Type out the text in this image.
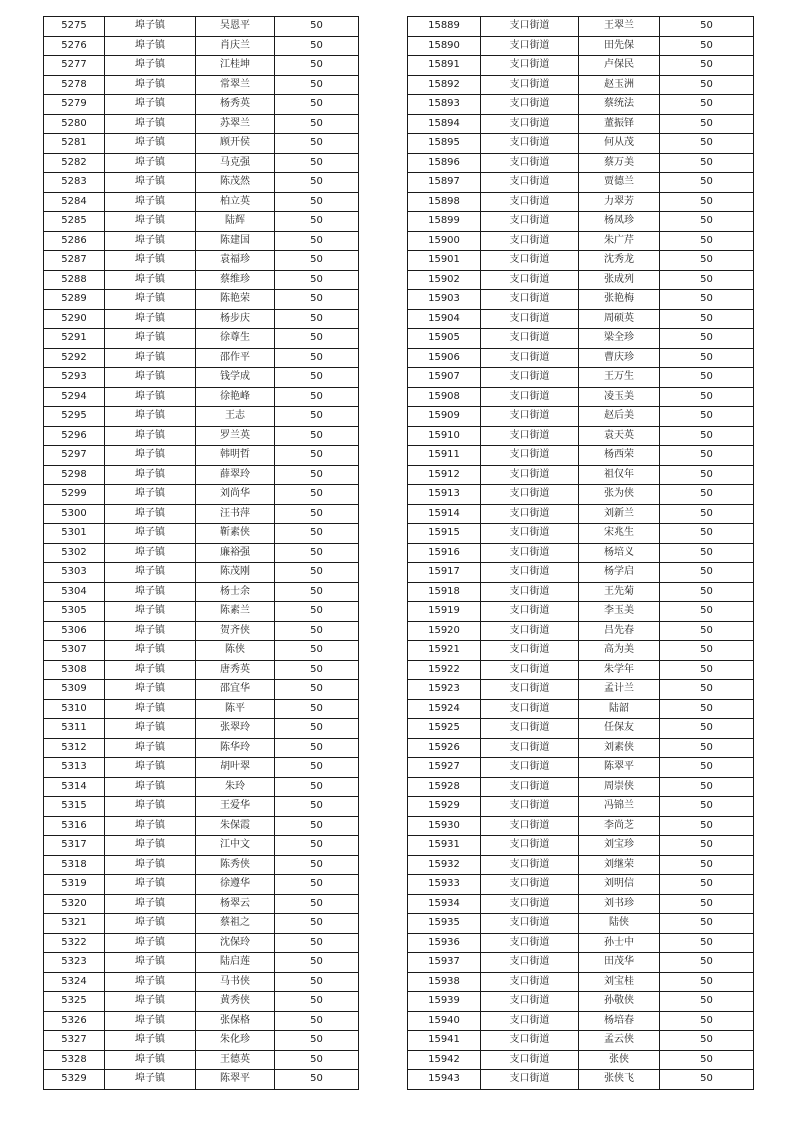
5275	埠子镇	吴恩平	50
5276	埠子镇	肖庆兰	50
5277	埠子镇	江桂坤	50
5278	埠子镇	常翠兰	50
5279	埠子镇	杨秀英	50
5280	埠子镇	苏翠兰	50
5281	埠子镇	顾开侯	50
5282	埠子镇	马克强	50
5283	埠子镇	陈茂然	50
5284	埠子镇	柏立英	50
5285	埠子镇	陆辉	50
5286	埠子镇	陈建国	50
5287	埠子镇	袁福珍	50
5288	埠子镇	蔡维珍	50
5289	埠子镇	陈艳荣	50
5290	埠子镇	杨步庆	50
5291	埠子镇	徐尊生	50
5292	埠子镇	邵作平	50
5293	埠子镇	钱学成	50
5294	埠子镇	徐艳峰	50
5295	埠子镇	王志	50
5296	埠子镇	罗兰英	50
5297	埠子镇	韩明哲	50
5298	埠子镇	薛翠玲	50
5299	埠子镇	刘尚华	50
5300	埠子镇	汪书萍	50
5301	埠子镇	靳素侠	50
5302	埠子镇	廉裕强	50
5303	埠子镇	陈茂刚	50
5304	埠子镇	杨士余	50
5305	埠子镇	陈素兰	50
5306	埠子镇	贺齐侠	50
5307	埠子镇	陈侠	50
5308	埠子镇	唐秀英	50
5309	埠子镇	邵宜华	50
5310	埠子镇	陈平	50
5311	埠子镇	张翠玲	50
5312	埠子镇	陈华玲	50
5313	埠子镇	胡叶翠	50
5314	埠子镇	朱玲	50
5315	埠子镇	王爱华	50
5316	埠子镇	朱保霞	50
5317	埠子镇	江中文	50
5318	埠子镇	陈秀侠	50
5319	埠子镇	徐遵华	50
5320	埠子镇	杨翠云	50
5321	埠子镇	蔡祖之	50
5322	埠子镇	沈保玲	50
5323	埠子镇	陆启莲	50
5324	埠子镇	马书侠	50
5325	埠子镇	黄秀侠	50
5326	埠子镇	张保格	50
5327	埠子镇	朱化珍	50
5328	埠子镇	王德英	50
5329	埠子镇	陈翠平	50
15889	支口街道	王翠兰	50
15890	支口街道	田先保	50
15891	支口街道	卢保民	50
15892	支口街道	赵玉洲	50
15893	支口街道	蔡统法	50
15894	支口街道	董振铎	50
15895	支口街道	何从茂	50
15896	支口街道	蔡万美	50
15897	支口街道	贾德兰	50
15898	支口街道	力翠芳	50
15899	支口街道	杨凤珍	50
15900	支口街道	朱广芹	50
15901	支口街道	沈秀龙	50
15902	支口街道	张成列	50
15903	支口街道	张艳梅	50
15904	支口街道	周硕英	50
15905	支口街道	梁全珍	50
15906	支口街道	曹庆珍	50
15907	支口街道	王万生	50
15908	支口街道	凌玉美	50
15909	支口街道	赵后美	50
15910	支口街道	袁天英	50
15911	支口街道	杨西荣	50
15912	支口街道	祖仅年	50
15913	支口街道	张为侠	50
15914	支口街道	刘新兰	50
15915	支口街道	宋兆生	50
15916	支口街道	杨培义	50
15917	支口街道	杨学启	50
15918	支口街道	王先菊	50
15919	支口街道	李玉美	50
15920	支口街道	吕先春	50
15921	支口街道	高为美	50
15922	支口街道	朱学年	50
15923	支口街道	孟计兰	50
15924	支口街道	陆韶	50
15925	支口街道	任保友	50
15926	支口街道	刘素侠	50
15927	支口街道	陈翠平	50
15928	支口街道	周崇侠	50
15929	支口街道	冯锦兰	50
15930	支口街道	李尚芝	50
15931	支口街道	刘宝珍	50
15932	支口街道	刘继荣	50
15933	支口街道	刘明信	50
15934	支口街道	刘书珍	50
15935	支口街道	陆侠	50
15936	支口街道	孙士中	50
15937	支口街道	田茂华	50
15938	支口街道	刘宝桂	50
15939	支口街道	孙敬侠	50
15940	支口街道	杨培春	50
15941	支口街道	孟云侠	50
15942	支口街道	张侠	50
15943	支口街道	张侠飞	50
